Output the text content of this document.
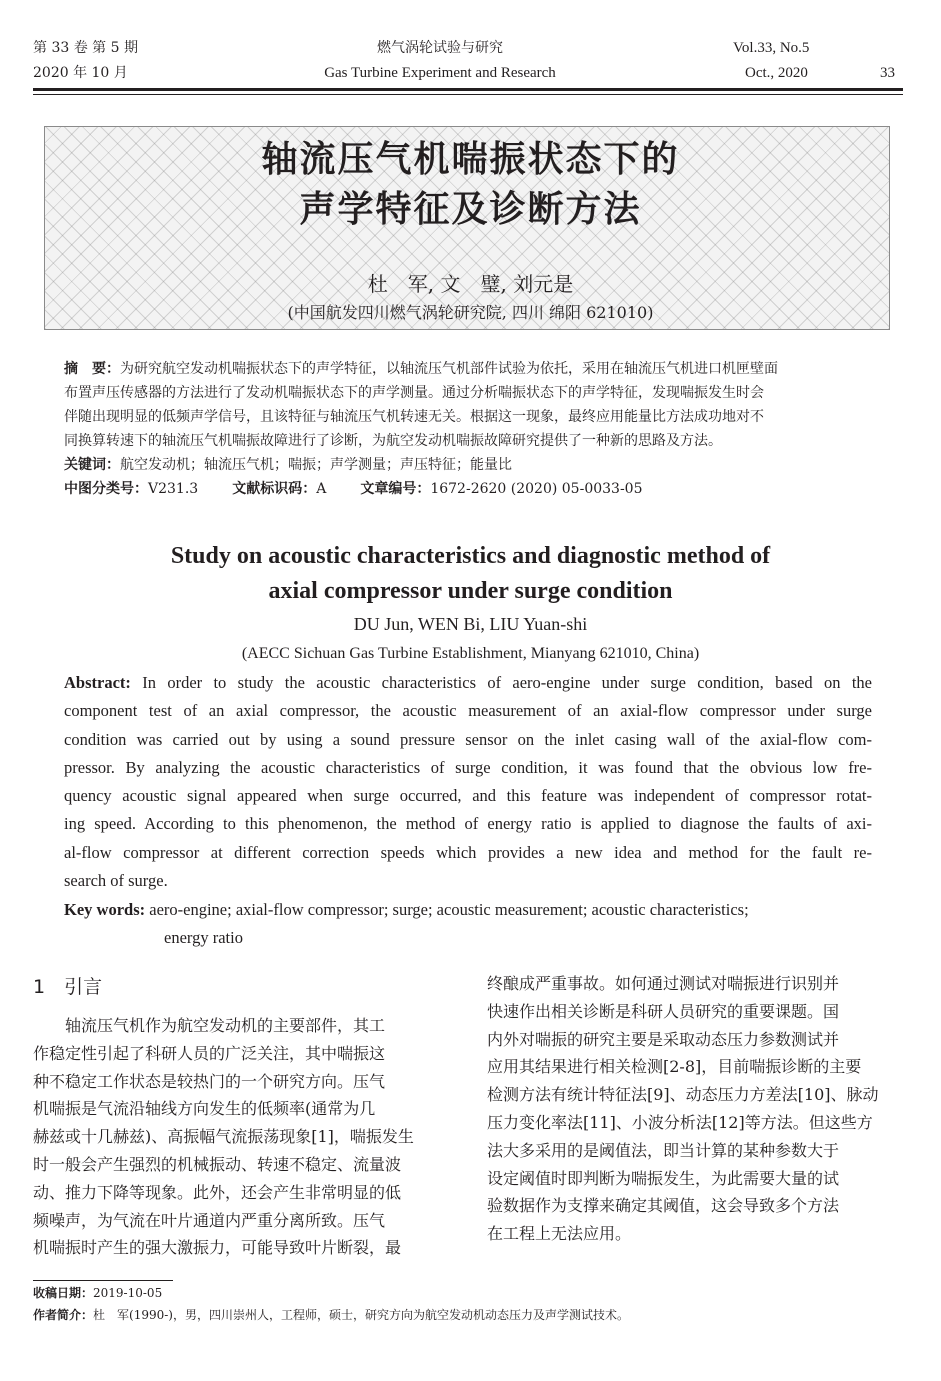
第 33 卷 第 5 期
2020 年 10 月
燃气涡轮试验与研究
Gas Turbine Experiment and Research
Vol.33, No.5
Oct., 2020	33
轴流压气机喘振状态下的
声学特征及诊断方法
杜　军, 文　璧, 刘元是
(中国航发四川燃气涡轮研究院, 四川 绵阳 621010)
摘　要：为研究航空发动机喘振状态下的声学特征，以轴流压气机部件试验为依托，采用在轴流压气机进口机匣壁面
布置声压传感器的方法进行了发动机喘振状态下的声学测量。通过分析喘振状态下的声学特征，发现喘振发生时会
伴随出现明显的低频声学信号，且该特征与轴流压气机转速无关。根据这一现象，最终应用能量比方法成功地对不
同换算转速下的轴流压气机喘振故障进行了诊断，为航空发动机喘振故障研究提供了一种新的思路及方法。
关键词：航空发动机；轴流压气机；喘振；声学测量；声压特征；能量比
中图分类号：V231.3 文献标识码：A 文章编号：1672-2620 (2020) 05-0033-05
Study on acoustic characteristics and diagnostic method of
axial compressor under surge condition
DU Jun, WEN Bi, LIU Yuan-shi
(AECC Sichuan Gas Turbine Establishment, Mianyang 621010, China)
Abstract: In order to study the acoustic characteristics of aero-engine under surge condition, based on the
component test of an axial compressor, the acoustic measurement of an axial-flow compressor under surge
condition was carried out by using a sound pressure sensor on the inlet casing wall of the axial-flow com-
pressor. By analyzing the acoustic characteristics of surge condition, it was found that the obvious low fre-
quency acoustic signal appeared when surge occurred, and this feature was independent of compressor rotat-
ing speed. According to this phenomenon, the method of energy ratio is applied to diagnose the faults of axi-
al-flow compressor at different correction speeds which provides a new idea and method for the fault re-
search of surge.
Key words: aero-engine; axial-flow compressor; surge; acoustic measurement; acoustic characteristics;
energy ratio
1　引言
　　轴流压气机作为航空发动机的主要部件，其工
作稳定性引起了科研人员的广泛关注，其中喘振这
种不稳定工作状态是较热门的一个研究方向。压气
机喘振是气流沿轴线方向发生的低频率(通常为几
赫兹或十几赫兹)、高振幅气流振荡现象[1]，喘振发生
时一般会产生强烈的机械振动、转速不稳定、流量波
动、推力下降等现象。此外，还会产生非常明显的低
频噪声，为气流在叶片通道内严重分离所致。压气
机喘振时产生的强大激振力，可能导致叶片断裂，最
终酿成严重事故。如何通过测试对喘振进行识别并
快速作出相关诊断是科研人员研究的重要课题。国
内外对喘振的研究主要是采取动态压力参数测试并
应用其结果进行相关检测[2-8]，目前喘振诊断的主要
检测方法有统计特征法[9]、动态压力方差法[10]、脉动
压力变化率法[11]、小波分析法[12]等方法。但这些方
法大多采用的是阈值法，即当计算的某种参数大于
设定阈值时即判断为喘振发生，为此需要大量的试
验数据作为支撑来确定其阈值，这会导致多个方法
在工程上无法应用。
收稿日期：2019-10-05
作者简介：杜　军(1990-)，男，四川崇州人，工程师，硕士，研究方向为航空发动机动态压力及声学测试技术。
